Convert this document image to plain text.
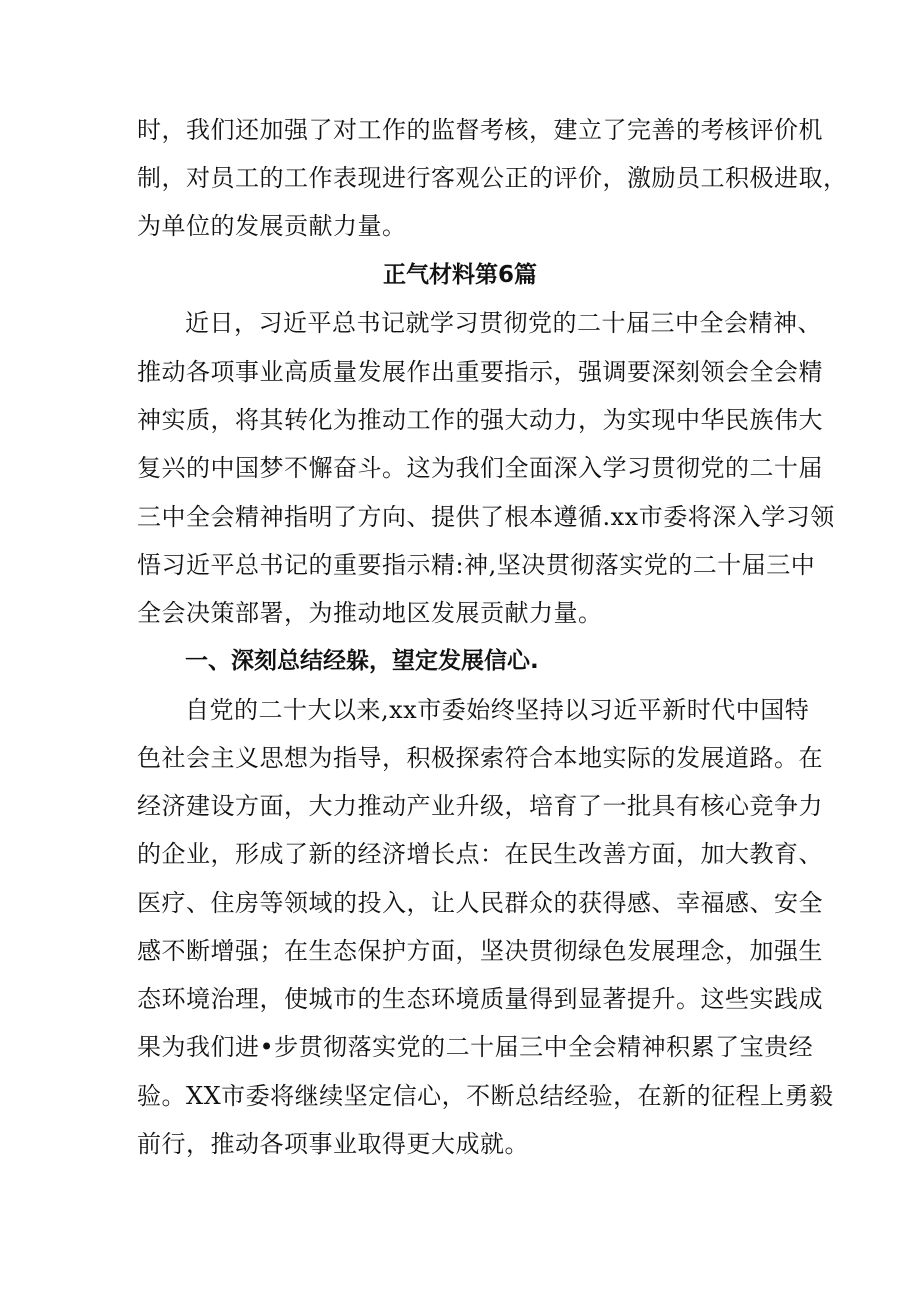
时，我们还加强了对工作的监督考核，建立了完善的考核评价机
制，对员工的工作表现进行客观公正的评价，激励员工积极进取，
为单位的发展贡献力量。
正气材料第6篇
近日，习近平总书记就学习贯彻党的二十届三中全会精神、
推动各项事业高质量发展作出重要指示，强调要深刻领会全会精
神实质，将其转化为推动工作的强大动力，为实现中华民族伟大
复兴的中国梦不懈奋斗。这为我们全面深入学习贯彻党的二十届
三中全会精神指明了方向、提供了根本遵循.xx市委将深入学习领
悟习近平总书记的重要指示精:神,坚决贯彻落实党的二十届三中
全会决策部署，为推动地区发展贡献力量。
一、深刻总结经躲，望定发展信心.
自党的二十大以来,xx市委始终坚持以习近平新时代中国特
色社会主义思想为指导，积极探索符合本地实际的发展道路。在
经济建设方面，大力推动产业升级，培育了一批具有核心竞争力
的企业，形成了新的经济增长点：在民生改善方面，加大教育、
医疗、住房等领域的投入，让人民群众的获得感、幸福感、安全
感不断增强；在生态保护方面，坚决贯彻绿色发展理念，加强生
态环境治理，使城市的生态环境质量得到显著提升。这些实践成
果为我们进•步贯彻落实党的二十届三中全会精神积累了宝贵经
验。XX市委将继续坚定信心，不断总结经验，在新的征程上勇毅
前行，推动各项事业取得更大成就。
